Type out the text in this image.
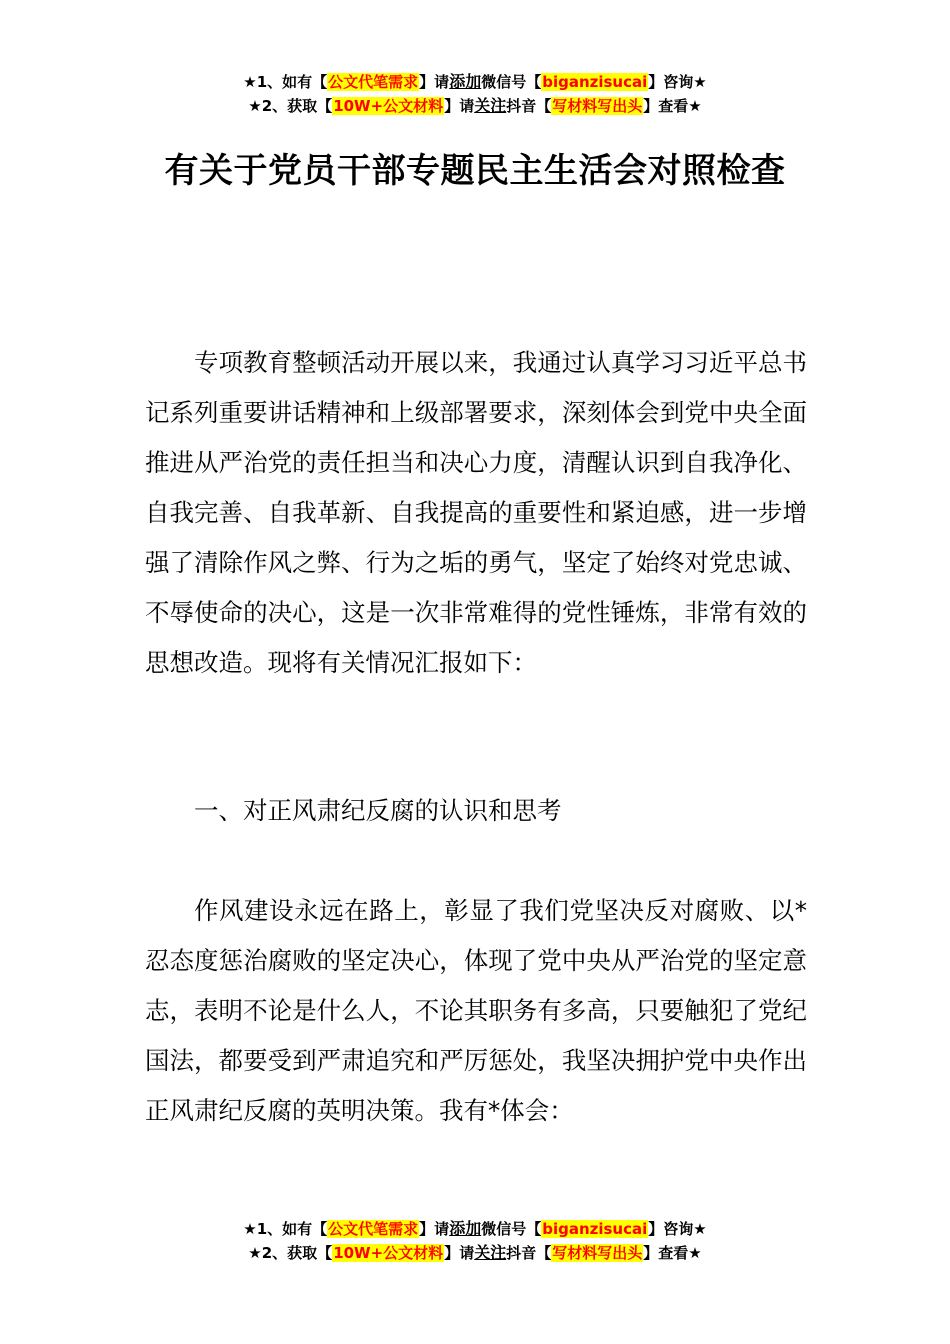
★1、如有【公文代笔需求】请添加微信号【biganzisucai】咨询★
★2、获取【10W+公文材料】请关注抖音【写材料写出头】查看★
有关于党员干部专题民主生活会对照检查

专项教育整顿活动开展以来，我通过认真学习习近平总书记系列重要讲话精神和上级部署要求，深刻体会到党中央全面推进从严治党的责任担当和决心力度，清醒认识到自我净化、自我完善、自我革新、自我提高的重要性和紧迫感，进一步增强了清除作风之弊、行为之垢的勇气，坚定了始终对党忠诚、不辱使命的决心，这是一次非常难得的党性锤炼，非常有效的思想改造。现将有关情况汇报如下：

一、对正风肃纪反腐的认识和思考

作风建设永远在路上，彰显了我们党坚决反对腐败、以*忍态度惩治腐败的坚定决心，体现了党中央从严治党的坚定意志，表明不论是什么人，不论其职务有多高，只要触犯了党纪国法，都要受到严肃追究和严厉惩处，我坚决拥护党中央作出正风肃纪反腐的英明决策。我有*体会：

★1、如有【公文代笔需求】请添加微信号【biganzisucai】咨询★
★2、获取【10W+公文材料】请关注抖音【写材料写出头】查看★
